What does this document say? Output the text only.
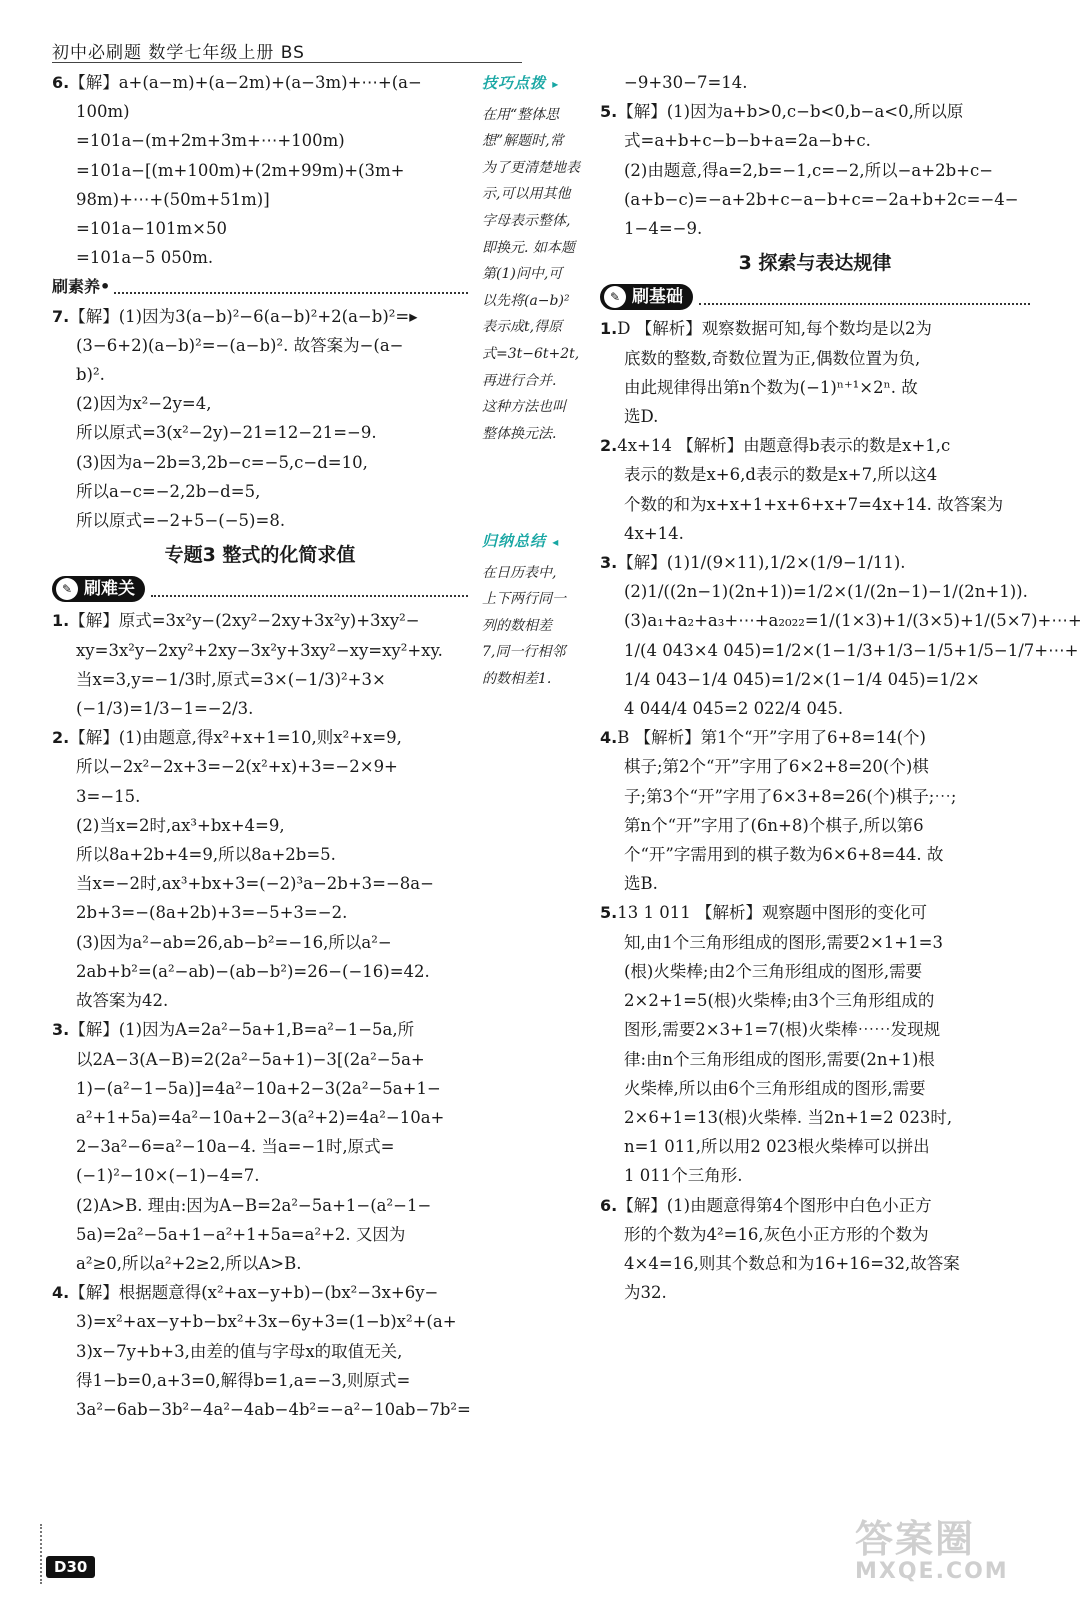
初中必刷题 数学七年级上册 BS
6.【解】a+(a−m)+(a−2m)+(a−3m)+⋯+(a−
100m)
=101a−(m+2m+3m+⋯+100m)
=101a−[(m+100m)+(2m+99m)+(3m+
98m)+⋯+(50m+51m)]
=101a−101m×50
=101a−5 050m.
刷素养•
7.【解】(1)因为3(a−b)²−6(a−b)²+2(a−b)²=▸
(3−6+2)(a−b)²=−(a−b)². 故答案为−(a−
b)².
(2)因为x²−2y=4,
所以原式=3(x²−2y)−21=12−21=−9.
(3)因为a−2b=3,2b−c=−5,c−d=10,
所以a−c=−2,2b−d=5,
所以原式=−2+5−(−5)=8.
专题3 整式的化简求值
✎ 刷难关
1.【解】原式=3x²y−(2xy²−2xy+3x²y)+3xy²−
xy=3x²y−2xy²+2xy−3x²y+3xy²−xy=xy²+xy.
当x=3,y=−1/3时,原式=3×(−1/3)²+3×
(−1/3)=1/3−1=−2/3.
2.【解】(1)由题意,得x²+x+1=10,则x²+x=9,
所以−2x²−2x+3=−2(x²+x)+3=−2×9+
3=−15.
(2)当x=2时,ax³+bx+4=9,
所以8a+2b+4=9,所以8a+2b=5.
当x=−2时,ax³+bx+3=(−2)³a−2b+3=−8a−
2b+3=−(8a+2b)+3=−5+3=−2.
(3)因为a²−ab=26,ab−b²=−16,所以a²−
2ab+b²=(a²−ab)−(ab−b²)=26−(−16)=42.
故答案为42.
3.【解】(1)因为A=2a²−5a+1,B=a²−1−5a,所
以2A−3(A−B)=2(2a²−5a+1)−3[(2a²−5a+
1)−(a²−1−5a)]=4a²−10a+2−3(2a²−5a+1−
a²+1+5a)=4a²−10a+2−3(a²+2)=4a²−10a+
2−3a²−6=a²−10a−4. 当a=−1时,原式=
(−1)²−10×(−1)−4=7.
(2)A>B. 理由:因为A−B=2a²−5a+1−(a²−1−
5a)=2a²−5a+1−a²+1+5a=a²+2. 又因为
a²≥0,所以a²+2≥2,所以A>B.
4.【解】根据题意得(x²+ax−y+b)−(bx²−3x+6y−
3)=x²+ax−y+b−bx²+3x−6y+3=(1−b)x²+(a+
3)x−7y+b+3,由差的值与字母x的取值无关,
得1−b=0,a+3=0,解得b=1,a=−3,则原式=
3a²−6ab−3b²−4a²−4ab−4b²=−a²−10ab−7b²=
技巧点拨 ▸
在用“整体思
想”解题时,常
为了更清楚地表
示,可以用其他
字母表示整体,
即换元. 如本题
第(1)问中,可
以先将(a−b)²
表示成t,得原
式=3t−6t+2t,
再进行合并.
这种方法也叫
整体换元法.
归纳总结 ◂
在日历表中,
上下两行同一
列的数相差
7,同一行相邻
的数相差1.
−9+30−7=14.
5.【解】(1)因为a+b>0,c−b<0,b−a<0,所以原
式=a+b+c−b−b+a=2a−b+c.
(2)由题意,得a=2,b=−1,c=−2,所以−a+2b+c−
(a+b−c)=−a+2b+c−a−b+c=−2a+b+2c=−4−
1−4=−9.
3 探索与表达规律
✎ 刷基础
1.D 【解析】观察数据可知,每个数均是以2为
底数的整数,奇数位置为正,偶数位置为负,
由此规律得出第n个数为(−1)ⁿ⁺¹×2ⁿ. 故
选D.
2.4x+14 【解析】由题意得b表示的数是x+1,c
表示的数是x+6,d表示的数是x+7,所以这4
个数的和为x+x+1+x+6+x+7=4x+14. 故答案为
4x+14.
3.【解】(1)1/(9×11),1/2×(1/9−1/11).
(2)1/((2n−1)(2n+1))=1/2×(1/(2n−1)−1/(2n+1)).
(3)a₁+a₂+a₃+⋯+a₂₀₂₂=1/(1×3)+1/(3×5)+1/(5×7)+⋯+
1/(4 043×4 045)=1/2×(1−1/3+1/3−1/5+1/5−1/7+⋯+
1/4 043−1/4 045)=1/2×(1−1/4 045)=1/2×
4 044/4 045=2 022/4 045.
4.B 【解析】第1个“开”字用了6+8=14(个)
棋子;第2个“开”字用了6×2+8=20(个)棋
子;第3个“开”字用了6×3+8=26(个)棋子;⋯;
第n个“开”字用了(6n+8)个棋子,所以第6
个“开”字需用到的棋子数为6×6+8=44. 故
选B.
5.13 1 011 【解析】观察题中图形的变化可
知,由1个三角形组成的图形,需要2×1+1=3
(根)火柴棒;由2个三角形组成的图形,需要
2×2+1=5(根)火柴棒;由3个三角形组成的
图形,需要2×3+1=7(根)火柴棒⋯⋯发现规
律:由n个三角形组成的图形,需要(2n+1)根
火柴棒,所以由6个三角形组成的图形,需要
2×6+1=13(根)火柴棒. 当2n+1=2 023时,
n=1 011,所以用2 023根火柴棒可以拼出
1 011个三角形.
6.【解】(1)由题意得第4个图形中白色小正方
形的个数为4²=16,灰色小正方形的个数为
4×4=16,则其个数总和为16+16=32,故答案
为32.
D30
答案圈
MXQE.COM
